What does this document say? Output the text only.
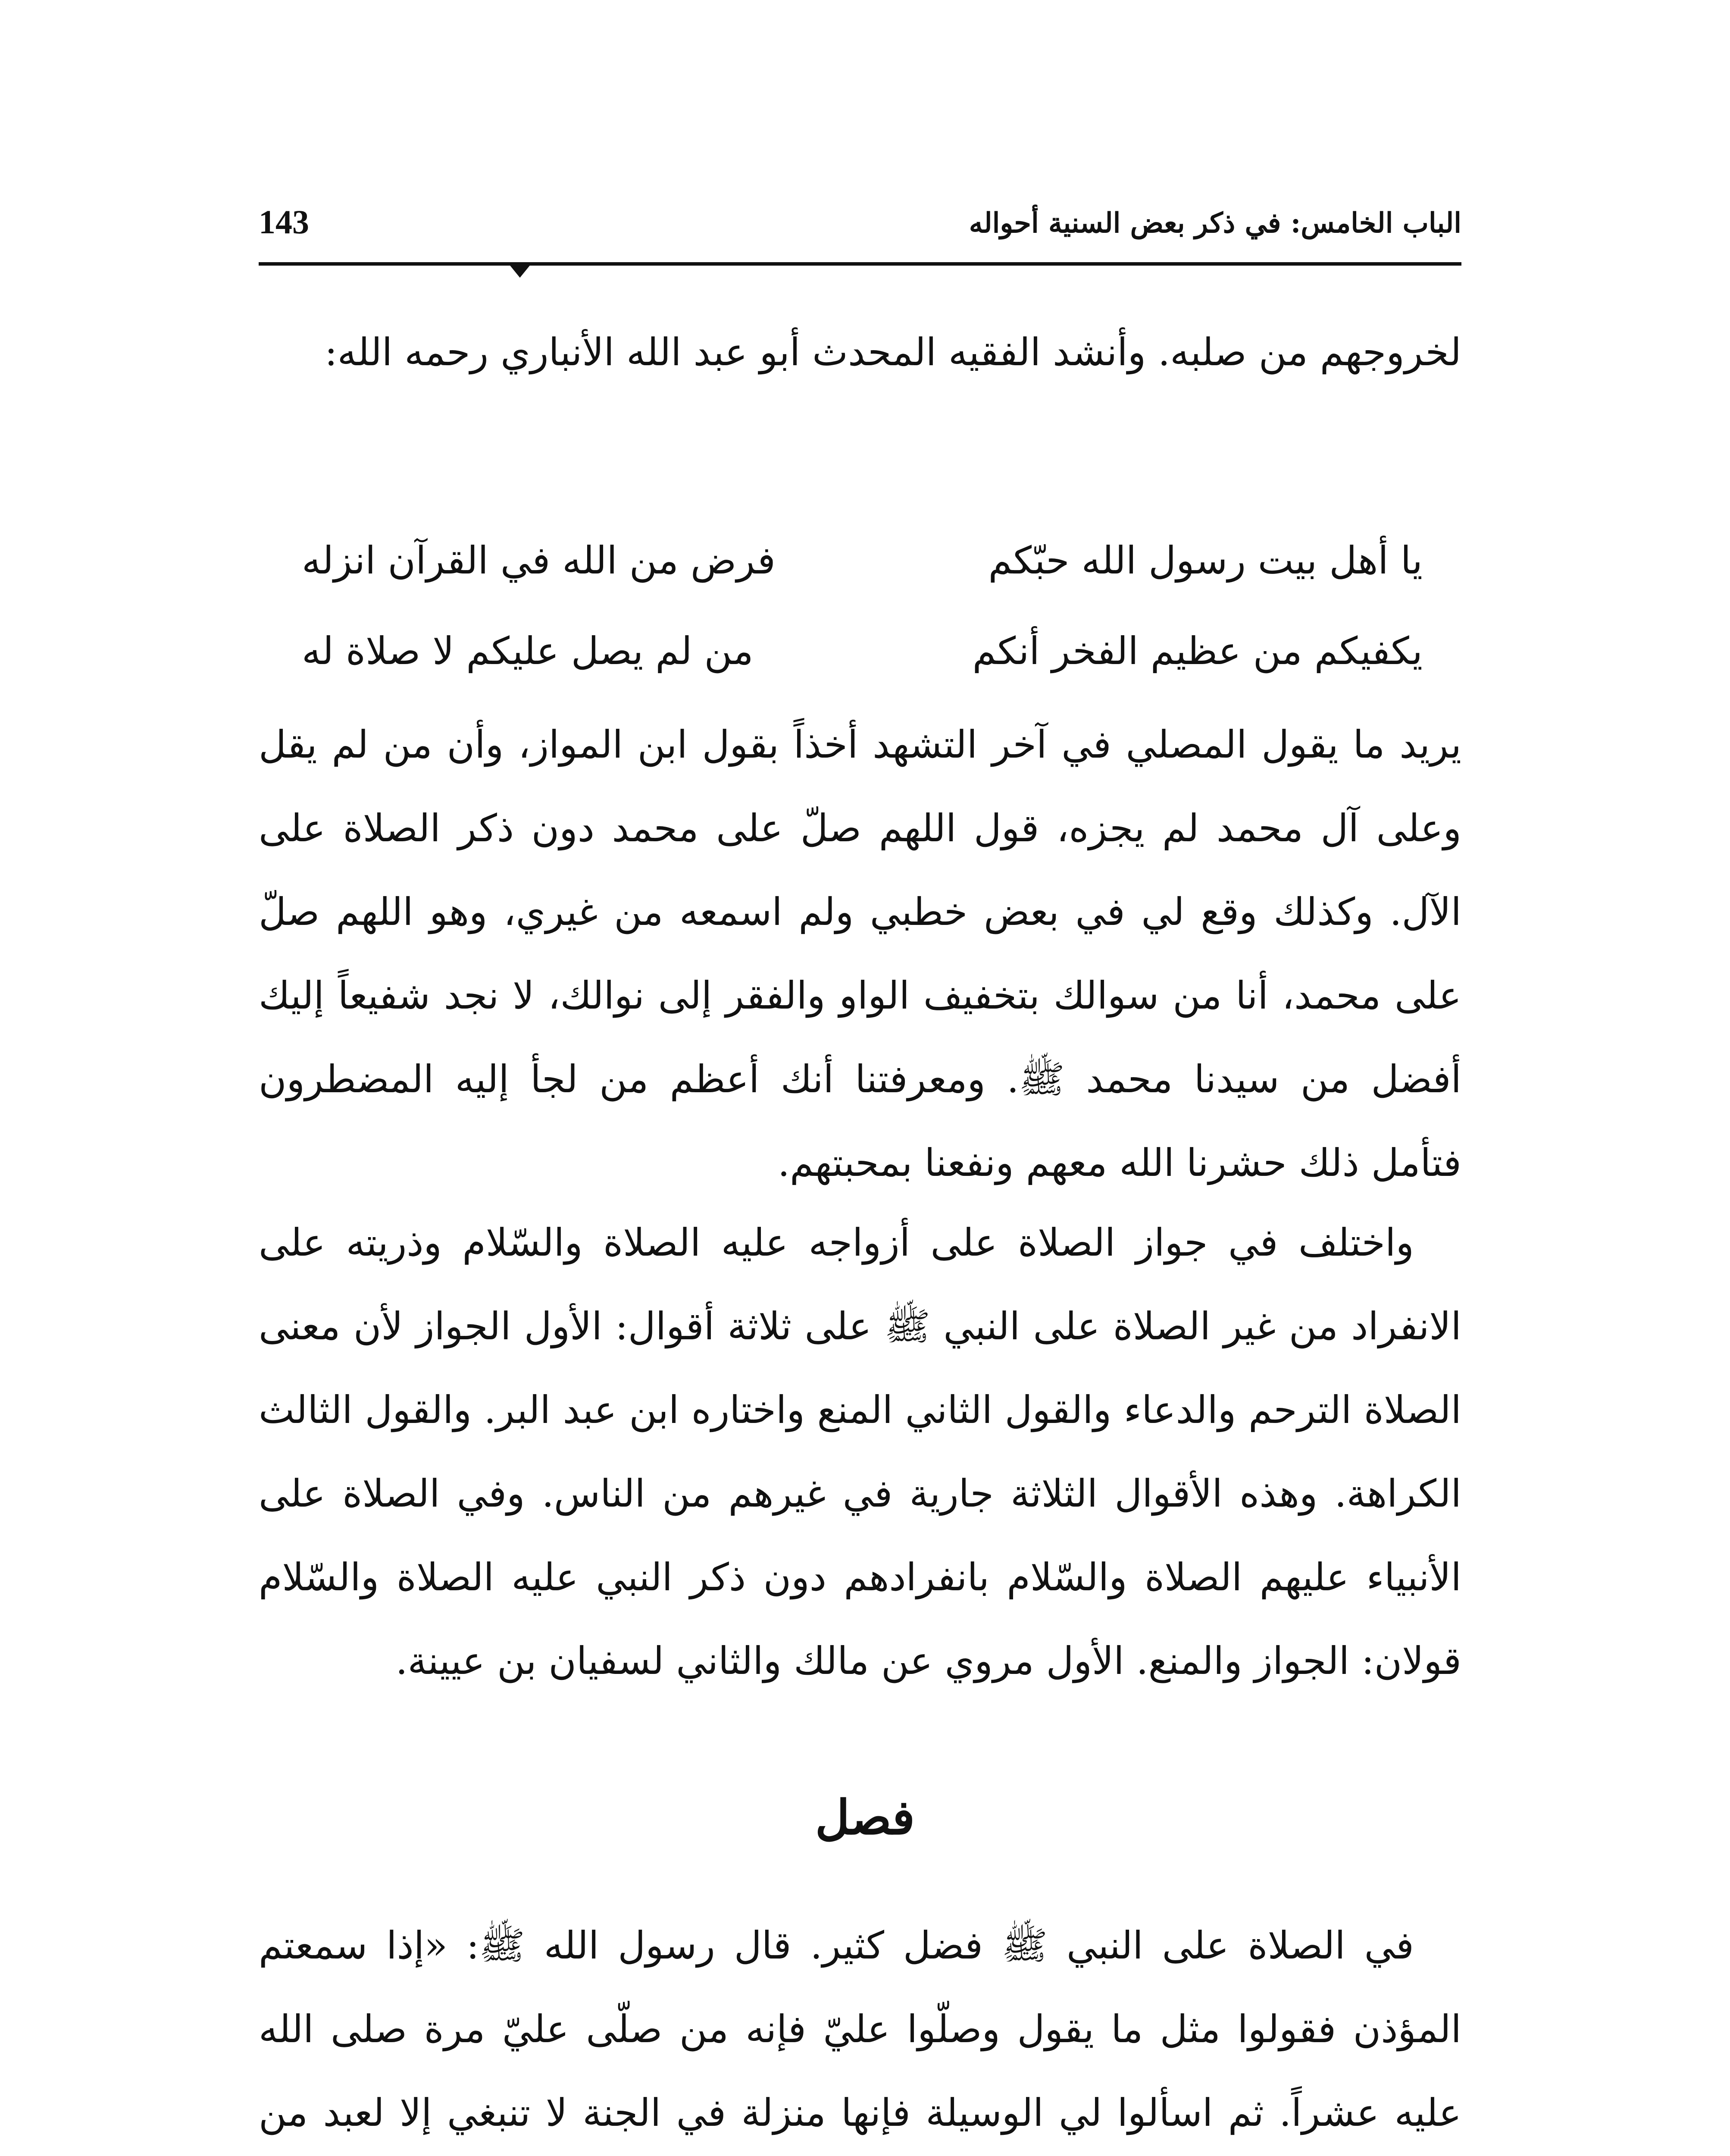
الباب الخامس: في ذكر بعض السنية أحواله
143

لخروجهم من صلبه. وأنشد الفقيه المحدث أبو عبد الله الأنباري رحمه الله:

يا أهل بيت رسول الله حبّكم
فرض من الله في القرآن انزله
يكفيكم من عظيم الفخر أنكم
من لم يصل عليكم لا صلاة له

يريد ما يقول المصلي في آخر التشهد أخذاً بقول ابن المواز، وأن من لم يقل وعلى آل محمد لم يجزه، قول اللهم صلّ على محمد دون ذكر الصلاة على الآل. وكذلك وقع لي في بعض خطبي ولم اسمعه من غيري، وهو اللهم صلّ على محمد، أنا من سوالك بتخفيف الواو والفقر إلى نوالك، لا نجد شفيعاً إليك أفضل من سيدنا محمد ﷺ. ومعرفتنا أنك أعظم من لجأ إليه المضطرون فتأمل ذلك حشرنا الله معهم ونفعنا بمحبتهم.

واختلف في جواز الصلاة على أزواجه عليه الصلاة والسّلام وذريته على الانفراد من غير الصلاة على النبي ﷺ على ثلاثة أقوال: الأول الجواز لأن معنى الصلاة الترحم والدعاء والقول الثاني المنع واختاره ابن عبد البر. والقول الثالث الكراهة. وهذه الأقوال الثلاثة جارية في غيرهم من الناس. وفي الصلاة على الأنبياء عليهم الصلاة والسّلام بانفرادهم دون ذكر النبي عليه الصلاة والسّلام قولان: الجواز والمنع. الأول مروي عن مالك والثاني لسفيان بن عيينة.

فصل

في الصلاة على النبي ﷺ فضل كثير. قال رسول الله ﷺ: «إذا سمعتم المؤذن فقولوا مثل ما يقول وصلّوا عليّ فإنه من صلّى عليّ مرة صلى الله عليه عشراً. ثم اسألوا لي الوسيلة فإنها منزلة في الجنة لا تنبغي إلا لعبد من
